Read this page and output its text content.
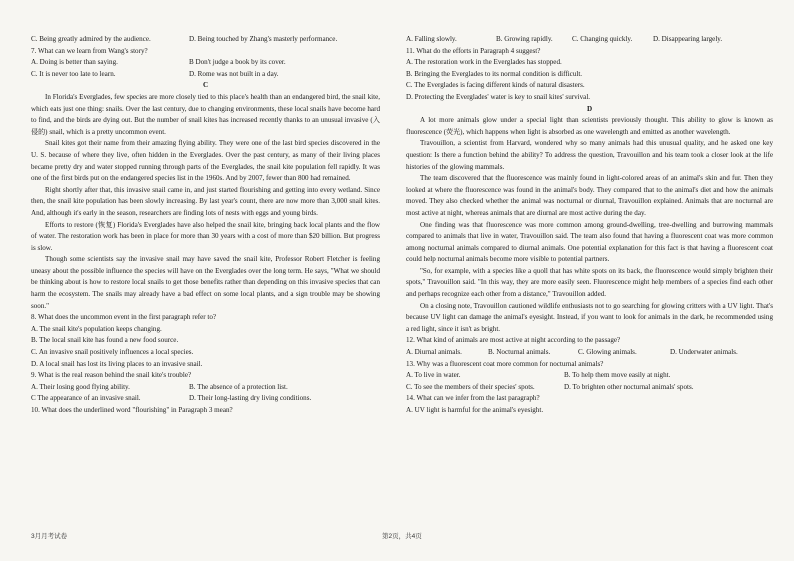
C. Being greatly admired by the audience.	D. Being touched by Zhang's masterly performance.
7. What can we learn from Wang's story?
A. Doing is better than saying.	B Don't judge a book by its cover.
C. It is never too late to learn.	D. Rome was not built in a day.
C

In Florida's Everglades, few species are more closely tied to this place's health than an endangered bird, the snail kite, which eats just one thing: snails. Over the last century, due to changing environments, these local snails have become hard to find, and the birds are dying out. But the number of snail kites has increased recently thanks to an unusual invasive (入侵的) snail, which is a pretty uncommon event.

Snail kites got their name from their amazing flying ability. They were one of the last bird species discovered in the U. S. because of where they live, often hidden in the Everglades. Over the past century, as many of their living places became pretty dry and water stopped running through parts of the Everglades, the snail kite population fell rapidly. It was one of the first birds put on the endangered species list in the 1960s. And by 2007, fewer than 800 had remained.

Right shortly after that, this invasive snail came in, and just started flourishing and getting into every wetland. Since then, the snail kite population has been slowly increasing. By last year's count, there are now more than 3,000 snail kites. And, although it's early in the season, researchers are finding lots of nests with eggs and young birds.

Efforts to restore (恢复) Florida's Everglades have also helped the snail kite, bringing back local plants and the flow of water. The restoration work has been in place for more than 30 years with a cost of more than $20 billion. But progress is slow.

Though some scientists say the invasive snail may have saved the snail kite, Professor Robert Fletcher is feeling uneasy about the possible influence the species will have on the Everglades over the long term. He says, "What we should be thinking about is how to restore local snails to get those benefits rather than depending on this invasive species that can harm the ecosystem. The snails may already have a bad effect on some local plants, and a sign trouble may be showing soon."

8. What does the uncommon event in the first paragraph refer to?
A. The snail kite's population keeps changing.
B. The local snail kite has found a new food source.
C. An invasive snail positively influences a local species.
D. A local snail has lost its living places to an invasive snail.
9. What is the real reason behind the snail kite's trouble?
A. Their losing good flying ability.	B. The absence of a protection list.
C The appearance of an invasive snail.	D. Their long-lasting dry living conditions.
10. What does the underlined word "flourishing" in Paragraph 3 mean?
A. Falling slowly.	B. Growing rapidly.	C. Changing quickly.	D. Disappearing largely.
11. What do the efforts in Paragraph 4 suggest?
A. The restoration work in the Everglades has stopped.
B. Bringing the Everglades to its normal condition is difficult.
C. The Everglades is facing different kinds of natural disasters.
D. Protecting the Everglades' water is key to snail kites' survival.
D

A lot more animals glow under a special light than scientists previously thought. This ability to glow is known as fluorescence (荧光), which happens when light is absorbed as one wavelength and emitted as another wavelength.

Travouillon, a scientist from Harvard, wondered why so many animals had this unusual quality, and he asked one key question: Is there a function behind the ability? To address the question, Travouillon and his team took a closer look at the life histories of the glowing mammals.

The team discovered that the fluorescence was mainly found in light-colored areas of an animal's skin and fur. Then they looked at where the fluorescence was found in the animal's body. They compared that to the animal's diet and how the animals moved. They also checked whether the animal was nocturnal or diurnal, Travouillon explained. Animals that are nocturnal are most active at night, whereas animals that are diurnal are most active during the day.

One finding was that fluorescence was more common among ground-dwelling, tree-dwelling and burrowing mammals compared to animals that live in water, Travouillon said. The team also found that having a fluorescent coat was more common among nocturnal animals compared to diurnal animals. One potential explanation for this fact is that having a fluorescent coat could help nocturnal animals become more visible to potential partners.

"So, for example, with a species like a quoll that has white spots on its back, the fluorescence would simply brighten their spots," Travouillon said. "In this way, they are more easily seen. Fluorescence might help members of a species find each other and perhaps recognize each other from a distance," Travouillon added.

On a closing note, Travouillon cautioned wildlife enthusiasts not to go searching for glowing critters with a UV light. That's because UV light can damage the animal's eyesight. Instead, if you want to look for animals in the dark, he recommended using a red light, since it isn't as bright.

12. What kind of animals are most active at night according to the passage?
A. Diurnal animals.	B. Nocturnal animals.	C. Glowing animals.	D. Underwater animals.
13. Why was a fluorescent coat more common for nocturnal animals?
A. To live in water.	B. To help them move easily at night.
C. To see the members of their species' spots.	D. To brighten other nocturnal animals' spots.
14. What can we infer from the last paragraph?
A. UV light is harmful for the animal's eyesight.
3月月考试卷	第2页，共4页
